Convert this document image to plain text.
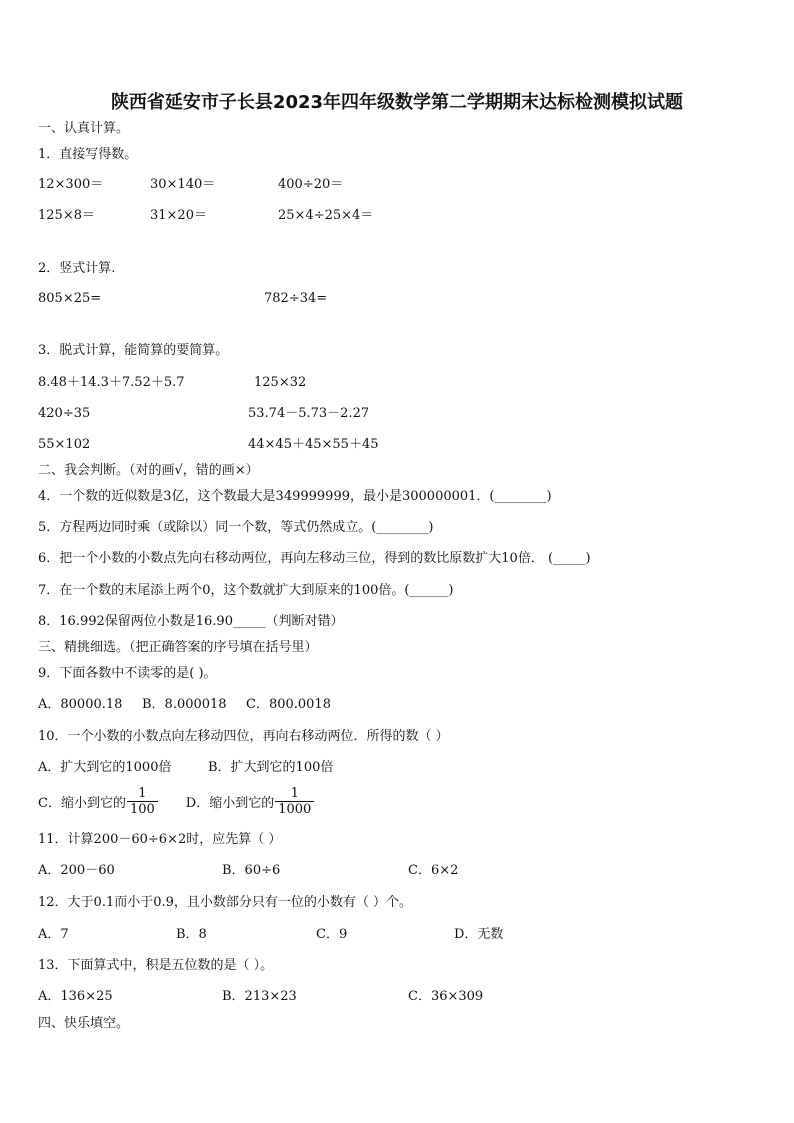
陕西省延安市子长县2023年四年级数学第二学期期末达标检测模拟试题
一、认真计算。
1．直接写得数。
12×300＝	30×140＝	400÷20＝
125×8＝	31×20＝	25×4÷25×4＝
2．竖式计算.
805×25=	782÷34=
3．脱式计算，能简算的要简算。
8.48＋14.3＋7.52＋5.7	125×32
420÷35	53.74－5.73－2.27
55×102	44×45＋45×55＋45
二、我会判断。（对的画√，错的画×）
4．一个数的近似数是3亿，这个数最大是349999999，最小是300000001．(________)
5．方程两边同时乘（或除以）同一个数，等式仍然成立。(________)
6．把一个小数的小数点先向右移动两位，再向左移动三位，得到的数比原数扩大10倍． (_____)
7．在一个数的末尾添上两个0，这个数就扩大到原来的100倍。(______)
8．16.992保留两位小数是16.90_____（判断对错）
三、精挑细选。（把正确答案的序号填在括号里）
9．下面各数中不读零的是( )。
A．80000.18 B．8.000018 C．800.0018
10．一个小数的小数点向左移动四位，再向右移动两位．所得的数（ ）
A．扩大到它的1000倍	B．扩大到它的100倍
C．缩小到它的 $\frac{1}{100}$ D．缩小到它的 $\frac{1}{1000}$
11．计算200－60÷6×2时，应先算（ ）
A．200－60	B．60÷6	C．6×2
12．大于0.1而小于0.9，且小数部分只有一位的小数有（ ）个。
A．7	B．8	C．9	D．无数
13．下面算式中，积是五位数的是（ ）。
A．136×25	B．213×23	C．36×309
四、快乐填空。
